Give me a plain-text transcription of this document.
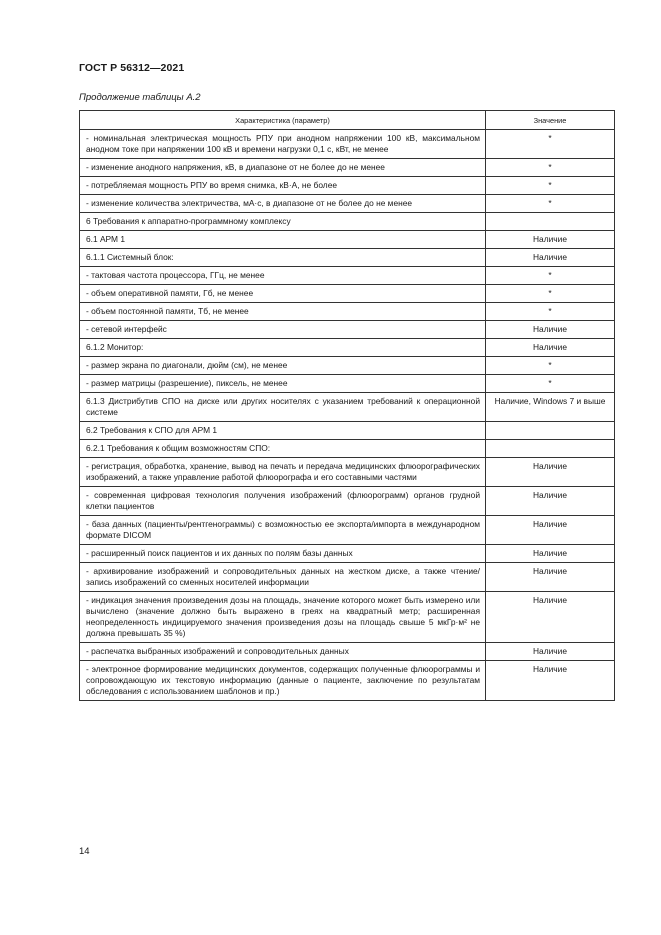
ГОСТ Р 56312—2021
Продолжение таблицы А.2
Характеристика (параметр)	Значение
- номинальная электрическая мощность РПУ при анодном напряжении 100 кВ, максимальном анодном токе при напряжении 100 кВ и времени нагрузки 0,1 с, кВт, не менее	*
- изменение анодного напряжения, кВ, в диапазоне от не более до не менее	*
- потребляемая мощность РПУ во время снимка, кВ·А, не более	*
- изменение количества электричества, мА·с, в диапазоне от не более до не менее	*
6 Требования к аппаратно-программному комплексу	
6.1 АРМ 1	Наличие
6.1.1 Системный блок:	Наличие
- тактовая частота процессора, ГГц, не менее	*
- объем оперативной памяти, Гб, не менее	*
- объем постоянной памяти, Тб, не менее	*
- сетевой интерфейс	Наличие
6.1.2 Монитор:	Наличие
- размер экрана по диагонали, дюйм (см), не менее	*
- размер матрицы (разрешение), пиксель, не менее	*
6.1.3 Дистрибутив СПО на диске или других носителях с указанием требований к операционной системе	Наличие, Windows 7 и выше
6.2 Требования к СПО для АРМ 1	
6.2.1 Требования к общим возможностям СПО:	
- регистрация, обработка, хранение, вывод на печать и передача медицинских флюорографических изображений, а также управление работой флюорографа и его составными частями	Наличие
- современная цифровая технология получения изображений (флюорограмм) органов грудной клетки пациентов	Наличие
- база данных (пациенты/рентгенограммы) с возможностью ее экспорта/импорта в международном формате DICOM	Наличие
- расширенный поиск пациентов и их данных по полям базы данных	Наличие
- архивирование изображений и сопроводительных данных на жестком диске, а также чтение/запись изображений со сменных носителей информации	Наличие
- индикация значения произведения дозы на площадь, значение которого может быть измерено или вычислено (значение должно быть выражено в греях на квадратный метр; расширенная неопределенность индицируемого значения произведения дозы на площадь свыше 5 мкГр·м² не должна превышать 35 %)	Наличие
- распечатка выбранных изображений и сопроводительных данных	Наличие
- электронное формирование медицинских документов, содержащих полученные флюорограммы и сопровождающую их текстовую информацию (данные о пациенте, заключение по результатам обследования с использованием шаблонов и пр.)	Наличие
14
